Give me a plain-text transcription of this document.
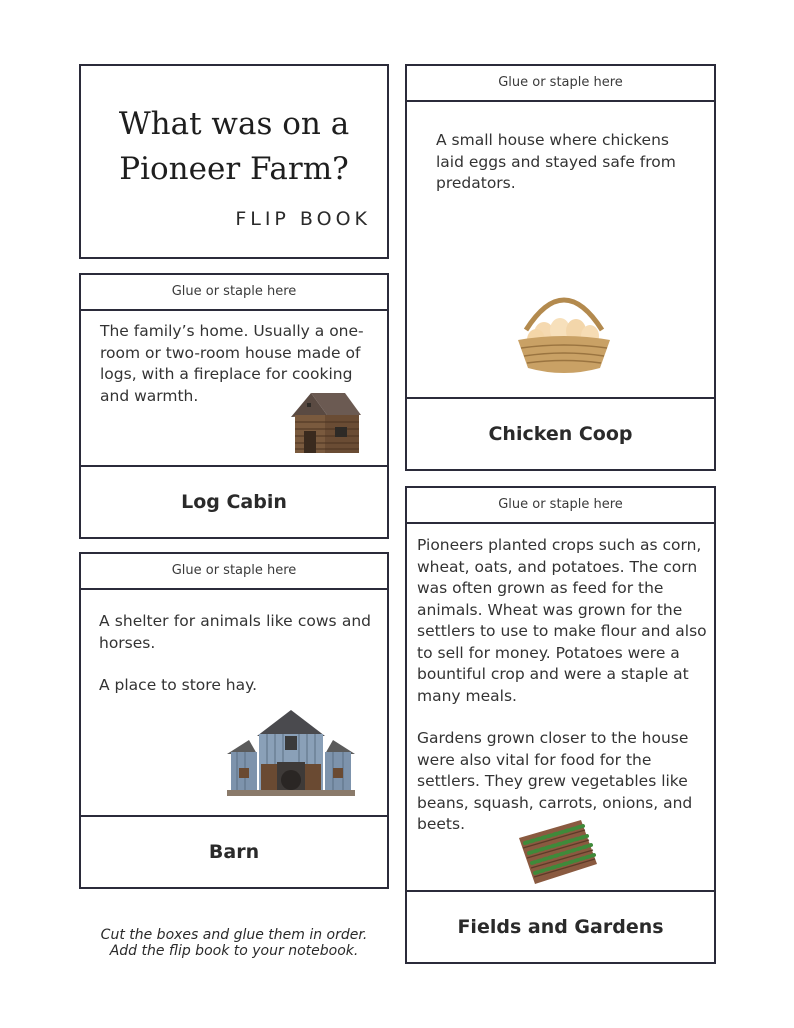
What was on a
Pioneer Farm?
FLIP BOOK
Glue or staple here
The family’s home. Usually a one-room or two-room house made of logs, with a fireplace for cooking and warmth.
Log Cabin
Glue or staple here
A shelter for animals like cows and horses.
A place to store hay.
Barn
Glue or staple here
A small house where chickens laid eggs and stayed safe from predators.
Chicken Coop
Glue or staple here
Pioneers planted crops such as corn, wheat, oats, and potatoes. The corn was often grown as feed for the animals. Wheat was grown for the settlers to use to make flour and also to sell for money. Potatoes were a bountiful crop and were a staple at many meals.
Gardens grown closer to the house were also vital for food for the settlers. They grew vegetables like beans, squash, carrots, onions, and beets.
Fields and Gardens
Cut the boxes and glue them in order.
Add the flip book to your notebook.
